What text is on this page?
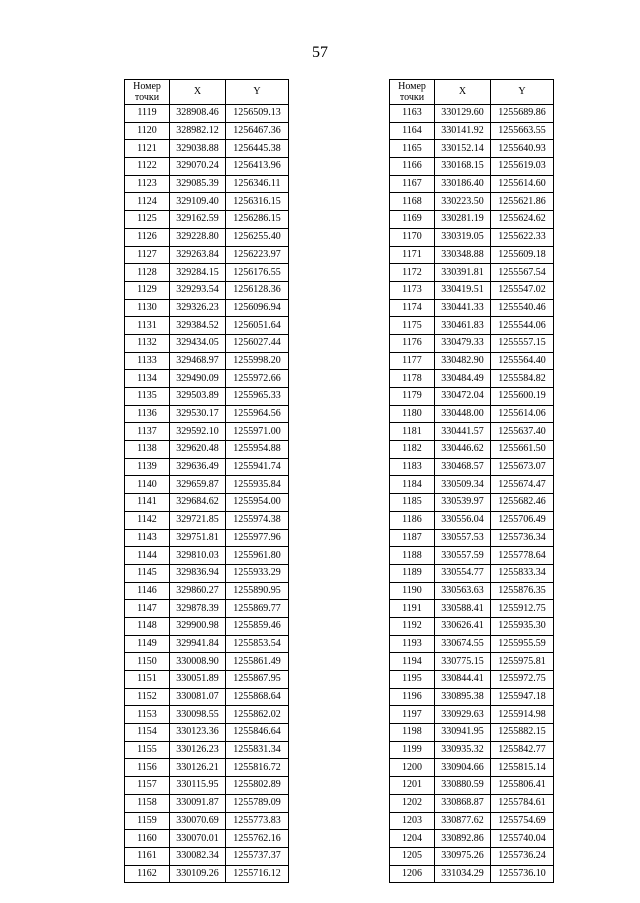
57
Номер
точки	X	Y
1119	328908.46	1256509.13
1120	328982.12	1256467.36
1121	329038.88	1256445.38
1122	329070.24	1256413.96
1123	329085.39	1256346.11
1124	329109.40	1256316.15
1125	329162.59	1256286.15
1126	329228.80	1256255.40
1127	329263.84	1256223.97
1128	329284.15	1256176.55
1129	329293.54	1256128.36
1130	329326.23	1256096.94
1131	329384.52	1256051.64
1132	329434.05	1256027.44
1133	329468.97	1255998.20
1134	329490.09	1255972.66
1135	329503.89	1255965.33
1136	329530.17	1255964.56
1137	329592.10	1255971.00
1138	329620.48	1255954.88
1139	329636.49	1255941.74
1140	329659.87	1255935.84
1141	329684.62	1255954.00
1142	329721.85	1255974.38
1143	329751.81	1255977.96
1144	329810.03	1255961.80
1145	329836.94	1255933.29
1146	329860.27	1255890.95
1147	329878.39	1255869.77
1148	329900.98	1255859.46
1149	329941.84	1255853.54
1150	330008.90	1255861.49
1151	330051.89	1255867.95
1152	330081.07	1255868.64
1153	330098.55	1255862.02
1154	330123.36	1255846.64
1155	330126.23	1255831.34
1156	330126.21	1255816.72
1157	330115.95	1255802.89
1158	330091.87	1255789.09
1159	330070.69	1255773.83
1160	330070.01	1255762.16
1161	330082.34	1255737.37
1162	330109.26	1255716.12
Номер
точки	X	Y
1163	330129.60	1255689.86
1164	330141.92	1255663.55
1165	330152.14	1255640.93
1166	330168.15	1255619.03
1167	330186.40	1255614.60
1168	330223.50	1255621.86
1169	330281.19	1255624.62
1170	330319.05	1255622.33
1171	330348.88	1255609.18
1172	330391.81	1255567.54
1173	330419.51	1255547.02
1174	330441.33	1255540.46
1175	330461.83	1255544.06
1176	330479.33	1255557.15
1177	330482.90	1255564.40
1178	330484.49	1255584.82
1179	330472.04	1255600.19
1180	330448.00	1255614.06
1181	330441.57	1255637.40
1182	330446.62	1255661.50
1183	330468.57	1255673.07
1184	330509.34	1255674.47
1185	330539.97	1255682.46
1186	330556.04	1255706.49
1187	330557.53	1255736.34
1188	330557.59	1255778.64
1189	330554.77	1255833.34
1190	330563.63	1255876.35
1191	330588.41	1255912.75
1192	330626.41	1255935.30
1193	330674.55	1255955.59
1194	330775.15	1255975.81
1195	330844.41	1255972.75
1196	330895.38	1255947.18
1197	330929.63	1255914.98
1198	330941.95	1255882.15
1199	330935.32	1255842.77
1200	330904.66	1255815.14
1201	330880.59	1255806.41
1202	330868.87	1255784.61
1203	330877.62	1255754.69
1204	330892.86	1255740.04
1205	330975.26	1255736.24
1206	331034.29	1255736.10
